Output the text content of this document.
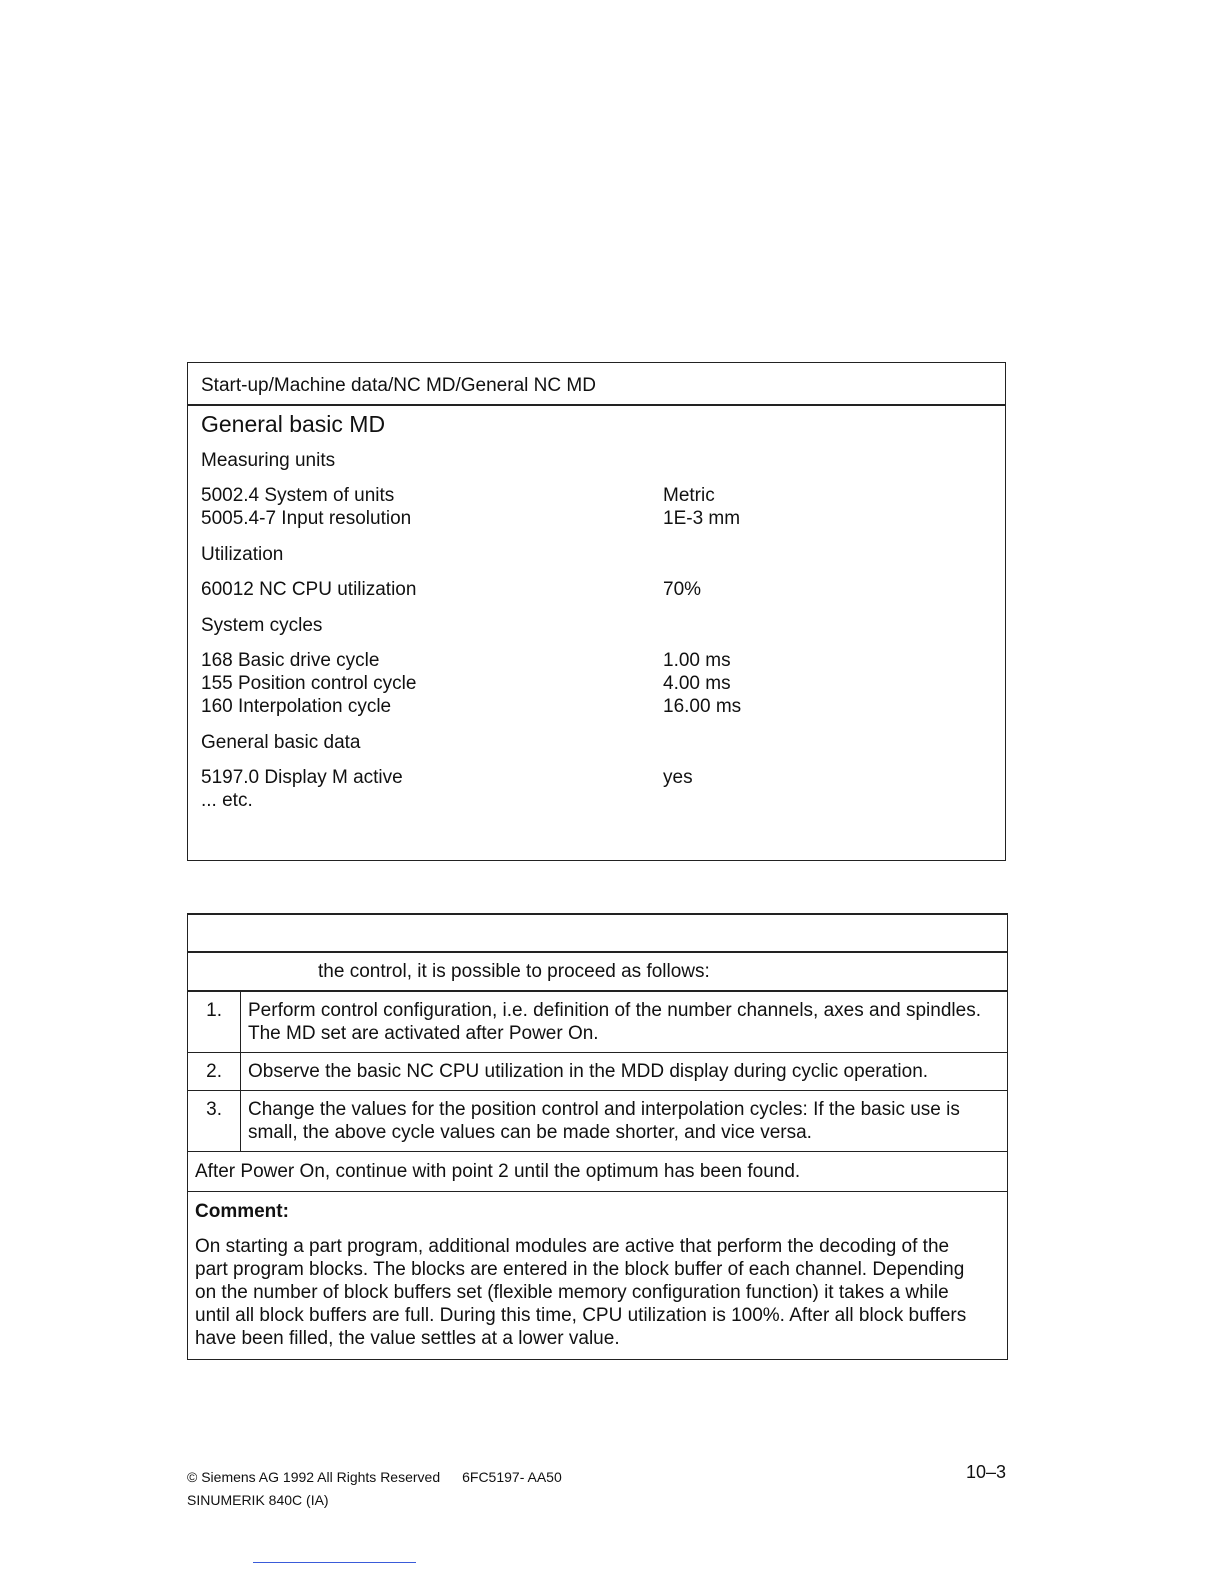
Start-up/Machine data/NC MD/General NC MD
General basic MD
Measuring units
5002.4 System of units	Metric
5005.4-7 Input resolution	1E-3 mm
Utilization
60012 NC CPU utilization	70%
System cycles
168 Basic drive cycle	1.00 ms
155 Position control cycle	4.00 ms
160 Interpolation cycle	16.00 ms
General basic data
5197.0 Display M active	yes
... etc.
the control, it is possible to proceed as follows:
1.	Perform control configuration, i.e. definition of the number channels, axes and spindles. The MD set are activated after Power On.
2.	Observe the basic NC CPU utilization in the MDD display during cyclic operation.
3.	Change the values for the position control and interpolation cycles: If the basic use is small, the above cycle values can be made shorter, and vice versa.
After Power On, continue with point 2 until the optimum has been found.
Comment:
On starting a part program, additional modules are active that perform the decoding of the part program blocks. The blocks are entered in the block buffer of each channel. Depending on the number of block buffers set (flexible memory configuration function) it takes a while until all block buffers are full. During this time, CPU utilization is 100%. After all block buffers have been filled, the value settles at a lower value.
© Siemens AG 1992 All Rights Reserved 6FC5197- AA50
SINUMERIK 840C (IA)
10–3
